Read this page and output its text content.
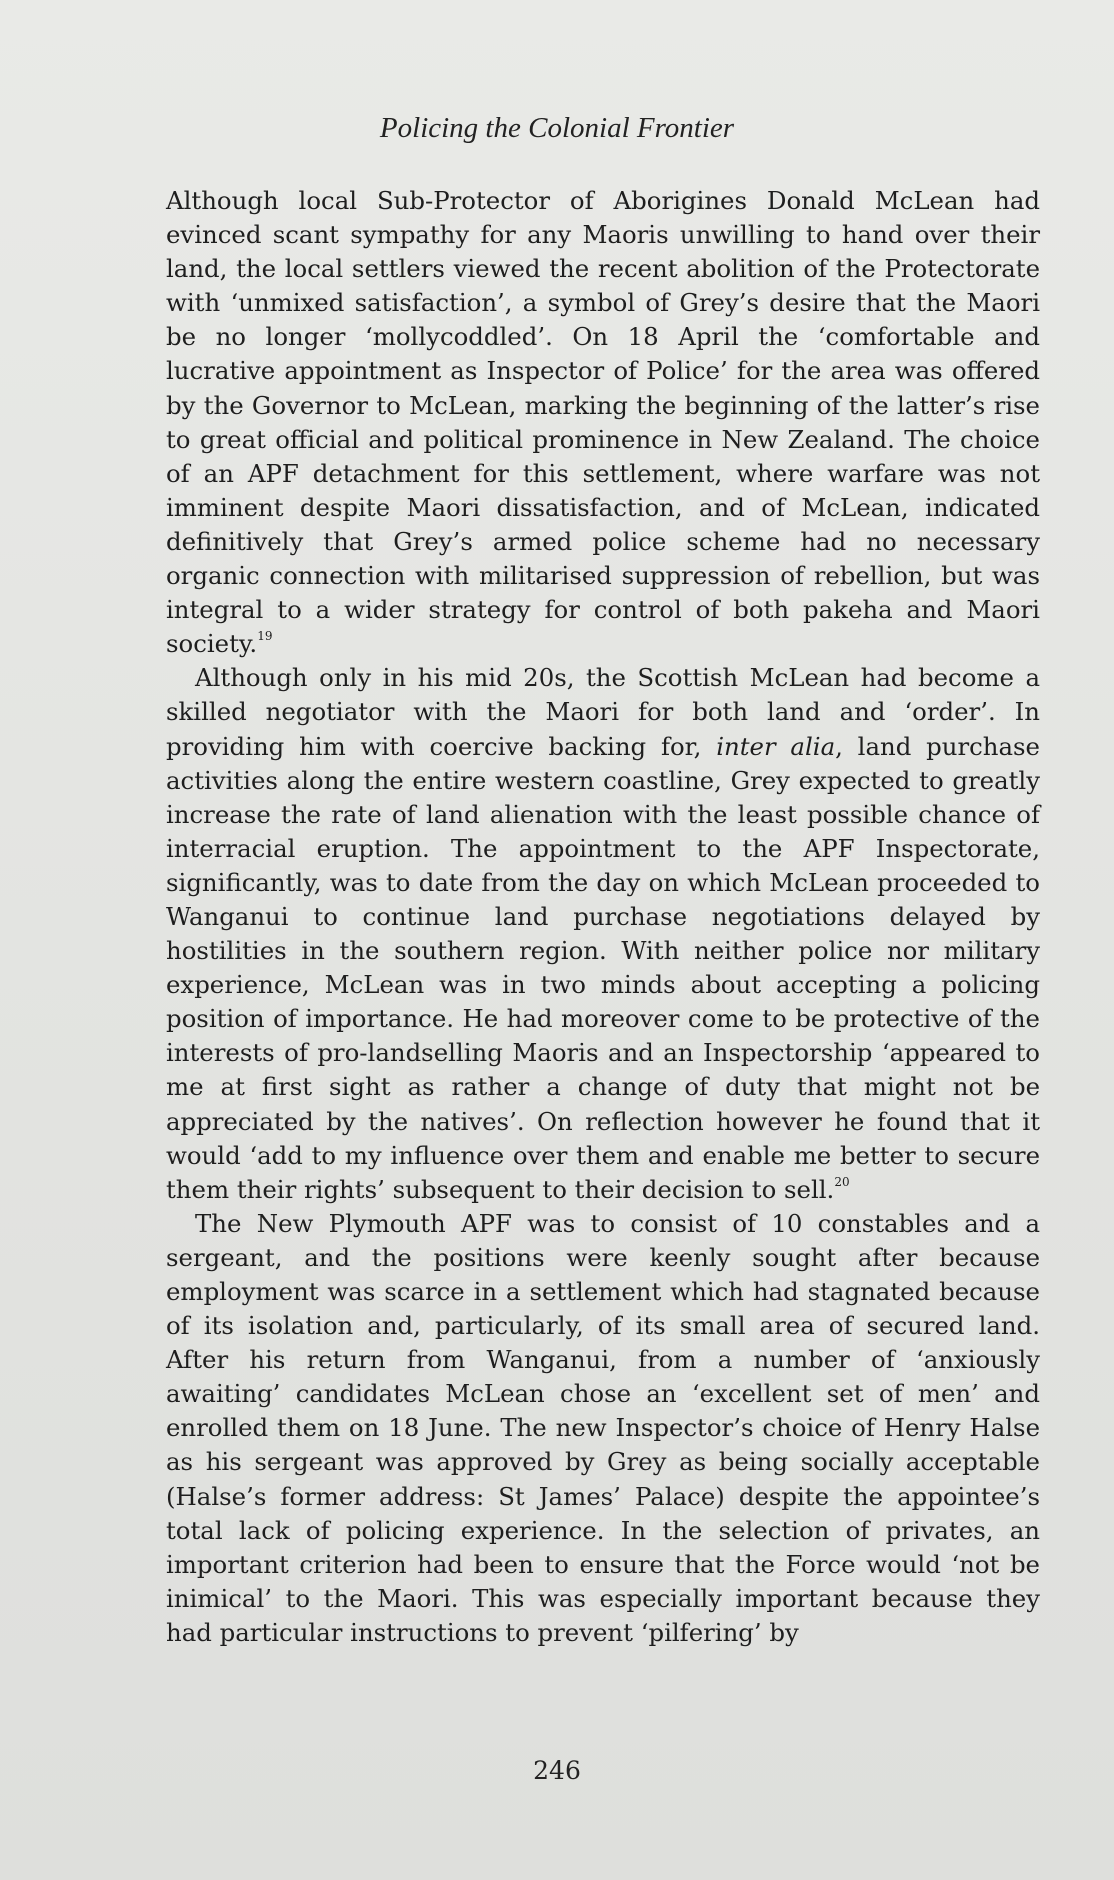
Policing the Colonial Frontier

Although local Sub-Protector of Aborigines Donald McLean had evinced scant sympathy for any Maoris unwilling to hand over their land, the local settlers viewed the recent abolition of the Protectorate with ‘unmixed satisfaction’, a symbol of Grey’s desire that the Maori be no longer ‘mollycoddled’. On 18 April the ‘comfortable and lucrative appointment as Inspector of Police’ for the area was offered by the Governor to McLean, marking the beginning of the latter’s rise to great official and political prominence in New Zealand. The choice of an APF detachment for this settlement, where warfare was not imminent despite Maori dissatisfaction, and of McLean, indicated definitively that Grey’s armed police scheme had no necessary organic connection with militarised suppression of rebellion, but was integral to a wider strategy for control of both pakeha and Maori society.$^{19}$

Although only in his mid 20s, the Scottish McLean had become a skilled negotiator with the Maori for both land and ‘order’. In providing him with coercive backing for, inter alia, land purchase activities along the entire western coastline, Grey expected to greatly increase the rate of land alienation with the least possible chance of interracial eruption. The appointment to the APF Inspectorate, significantly, was to date from the day on which McLean proceeded to Wanganui to continue land purchase negotiations delayed by hostilities in the southern region. With neither police nor military experience, McLean was in two minds about accepting a policing position of importance. He had moreover come to be protective of the interests of pro-landselling Maoris and an Inspectorship ‘appeared to me at first sight as rather a change of duty that might not be appreciated by the natives’. On reflection however he found that it would ‘add to my influence over them and enable me better to secure them their rights’ subsequent to their decision to sell.$^{20}$

The New Plymouth APF was to consist of 10 constables and a sergeant, and the positions were keenly sought after because employment was scarce in a settlement which had stagnated because of its isolation and, particularly, of its small area of secured land. After his return from Wanganui, from a number of ‘anxiously awaiting’ candidates McLean chose an ‘excellent set of men’ and enrolled them on 18 June. The new Inspector’s choice of Henry Halse as his sergeant was approved by Grey as being socially acceptable (Halse’s former address: St James’ Palace) despite the appointee’s total lack of policing experience. In the selection of privates, an important criterion had been to ensure that the Force would ‘not be inimical’ to the Maori. This was especially important because they had particular instructions to prevent ‘pilfering’ by

246
